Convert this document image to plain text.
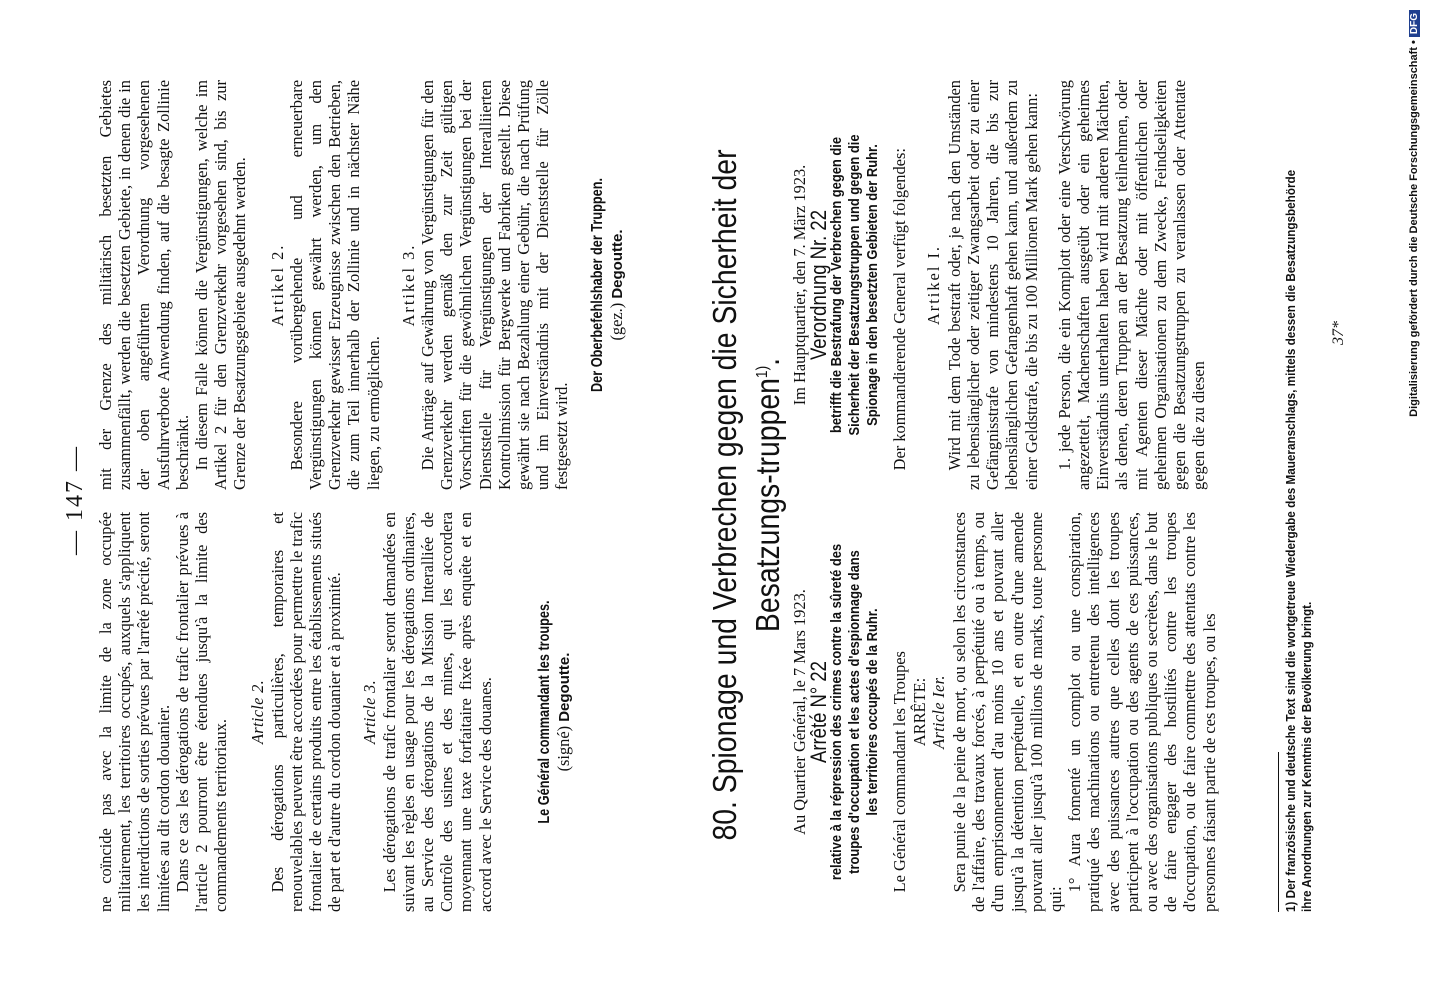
— 147 —

ne coïncide pas avec la limite de la zone occupée militairement, les territoires occupés, auxquels s'appliquent les interdictions de sorties prévues par l'arrêté précité, seront limitées au dit cordon douanier. Dans ce cas les dérogations de trafic frontalier prévues à l'article 2 pourront être étendues jusqu'à la limite des commandements territoriaux.

Article 2. Des dérogations particulières, temporaires et renouvelables peuvent être accordées pour permettre le trafic frontalier de certains produits entre les établissements situés de part et d'autre du cordon douanier et à proximité. Article 3. Les dérogations de trafic frontalier seront demandées en suivant les règles en usage pour les dérogations ordinaires, au Service des dérogations de la Mission Interalliée de Contrôle des usines et des mines, qui les accordera moyennant une taxe forfaitaire fixée après enquête et en accord avec le Service des douanes.	Le Général commandant les troupes. (signé) Degoutte.

mit der Grenze des militärisch besetzten Gebietes zusammenfällt, werden die besetzten Gebiete, in denen die in der oben angeführten Verordnung vorgesehenen Ausfuhrverbote Anwendung finden, auf die besagte Zollinie beschränkt. In diesem Falle können die Vergünstigungen, welche im Artikel 2 für den Grenzverkehr vorgesehen sind, bis zur Grenze der Besatzungsgebiete ausgedehnt werden. Artikel 2. Besondere vorübergehende und erneuerbare Vergünstigungen können gewährt werden, um den Grenzverkehr gewisser Erzeugnisse zwischen den Betrieben, die zum Teil innerhalb der Zollinie und in nächster Nähe liegen, zu ermöglichen.

Artikel 3. Die Anträge auf Gewährung von Vergünstigungen für den Grenzverkehr werden gemäß den zur Zeit gültigen Vorschriften für die gewöhnlichen Vergünstigungen bei der Dienststelle für Vergünstigungen der Interalliierten Kontrollmission für Bergwerke und Fabriken gestellt. Diese gewährt sie nach Bezahlung einer Gebühr, die nach Prüfung und im Einverständnis mit der Dienststelle für Zölle festgesetzt wird.

Der Oberbefehlshaber der Truppen. (gez.) Degoutte. 80. Spionage und Verbrechen gegen die Sicherheit der Besatzungs-truppen$^{1)}$.

Au Quartier Général, le 7 Mars 1923.

Arrêté N° 22

relative à la répression des crimes contre la sûreté des troupes d'occupation et les actes d'espionnage dans les territoires occupés de la Ruhr. Le Général commandant les Troupes ARRÊTE: Article Ier. Sera punie de la peine de mort, ou selon les circonstances de l'affaire, des travaux forcés, à perpétuité ou à temps, ou d'un emprisonnement d'au moins 10 ans et pouvant aller jusqu'à la détention perpétuelle, et en outre d'une amende pouvant aller jusqu'à 100 millions de marks, toute personne qui:

1° Aura fomenté un complot ou une conspiration, pratiqué des machinations ou entretenu des intelligences avec des puissances autres que celles dont les troupes participent à l'occupation ou des agents de ces puissances, ou avec des organisations publiques ou secrètes, dans le but de faire engager des hostilités contre les troupes d'occupation, ou de faire commettre des attentats contre les personnes faisant partie de ces troupes, ou les

Im Hauptquartier, den 7. März 1923.

Verordnung Nr. 22

betrifft die Bestrafung der Verbrechen gegen die Sicherheit der Besatzungstruppen und gegen die Spionage in den besetzten Gebieten der Ruhr. Der kommandierende General verfügt folgendes: Artikel I. Wird mit dem Tode bestraft oder, je nach den Umständen zu lebenslänglicher oder zeitiger Zwangsarbeit oder zu einer Gefängnisstrafe von mindestens 10 Jahren, die bis zur lebenslänglichen Gefangenhaft gehen kann, und außerdem zu einer Geldstrafe, die bis zu 100 Millionen Mark gehen kann: 1. jede Person, die ein Komplott oder eine Verschwörung angezettelt, Machenschaften ausgeübt oder ein geheimes Einverständnis unterhalten haben wird mit anderen Mächten, als denen, deren Truppen an der Besatzung teilnehmen, oder mit Agenten dieser Mächte oder mit öffentlichen oder geheimen Organisationen zu dem Zwecke, Feindseligkeiten gegen die Besatzungstruppen zu veranlassen oder Attentate gegen die zu diesen	1) Der französische und deutsche Text sind die wortgetreue Wiedergabe des Maueranschlags, mittels dessen die Besatzungsbehörde ihre Anordnungen zur Kenntnis der Bevölkerung bringt.
37*	Digitalisierung gefördert durch die Deutsche Forschungsgemeinschaft •DFG
